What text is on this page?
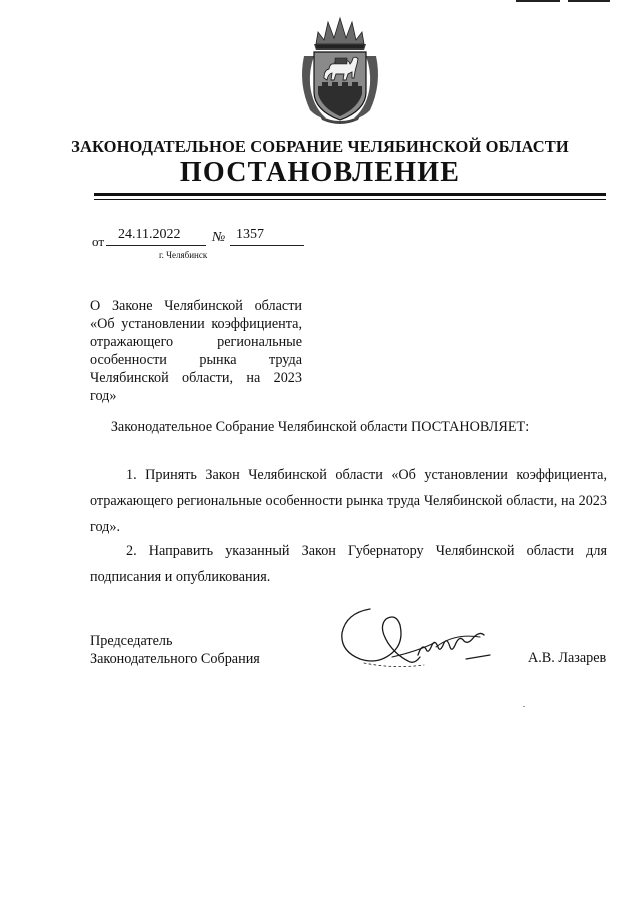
ЗАКОНОДАТЕЛЬНОЕ СОБРАНИЕ ЧЕЛЯБИНСКОЙ ОБЛАСТИ
ПОСТАНОВЛЕНИЕ
от 24.11.2022 № 1357
г. Челябинск
О Законе Челябинской области «Об установлении коэффициента, отражающего региональные особенности рынка труда Челябинской области, на 2023 год»
Законодательное Собрание Челябинской области ПОСТАНОВЛЯЕТ:
1. Принять Закон Челябинской области «Об установлении коэффициента, отражающего региональные особенности рынка труда Челябинской области, на 2023 год».
2. Направить указанный Закон Губернатору Челябинской области для подписания и опубликования.
Председатель
Законодательного Собрания	А.В. Лазарев
